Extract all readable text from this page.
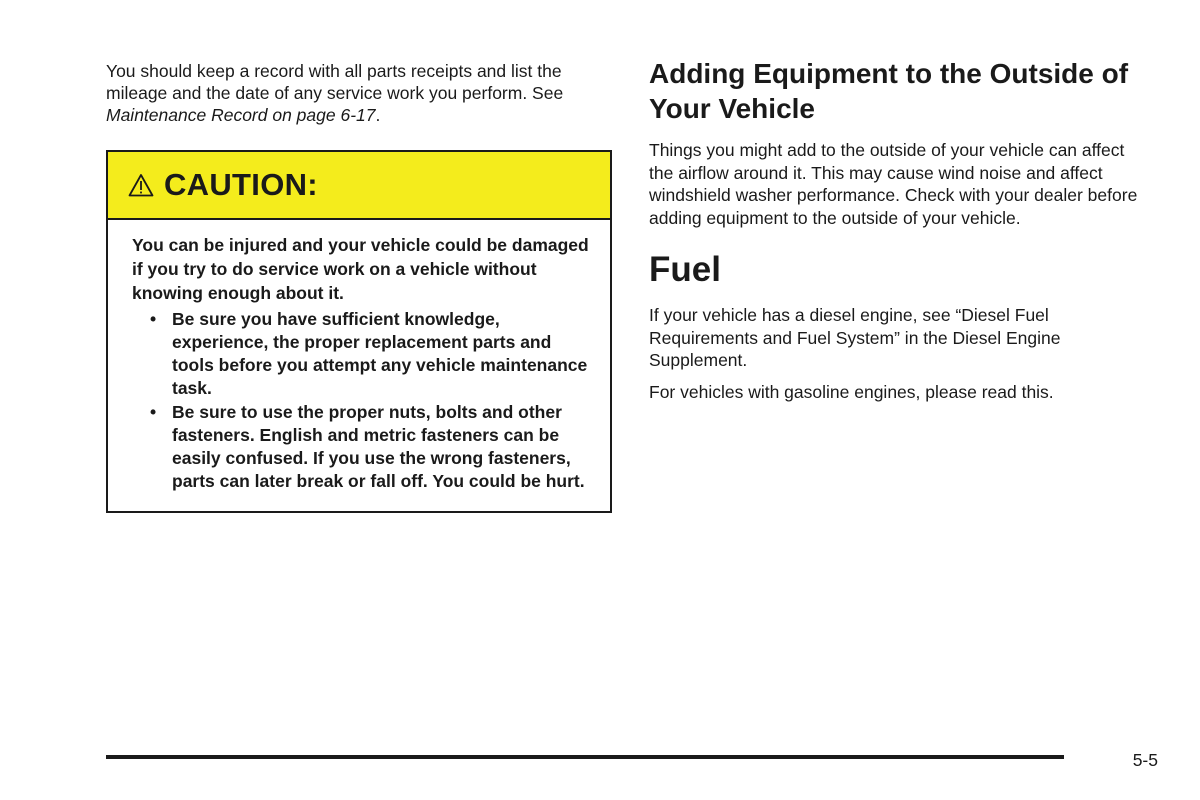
You should keep a record with all parts receipts and list the mileage and the date of any service work you perform. See Maintenance Record on page 6-17.

CAUTION:

You can be injured and your vehicle could be damaged if you try to do service work on a vehicle without knowing enough about it.

• Be sure you have sufficient knowledge, experience, the proper replacement parts and tools before you attempt any vehicle maintenance task.
• Be sure to use the proper nuts, bolts and other fasteners. English and metric fasteners can be easily confused. If you use the wrong fasteners, parts can later break or fall off. You could be hurt.
Adding Equipment to the Outside of Your Vehicle

Things you might add to the outside of your vehicle can affect the airflow around it. This may cause wind noise and affect windshield washer performance. Check with your dealer before adding equipment to the outside of your vehicle.

Fuel

If your vehicle has a diesel engine, see “Diesel Fuel Requirements and Fuel System” in the Diesel Engine Supplement.

For vehicles with gasoline engines, please read this.

5-5
